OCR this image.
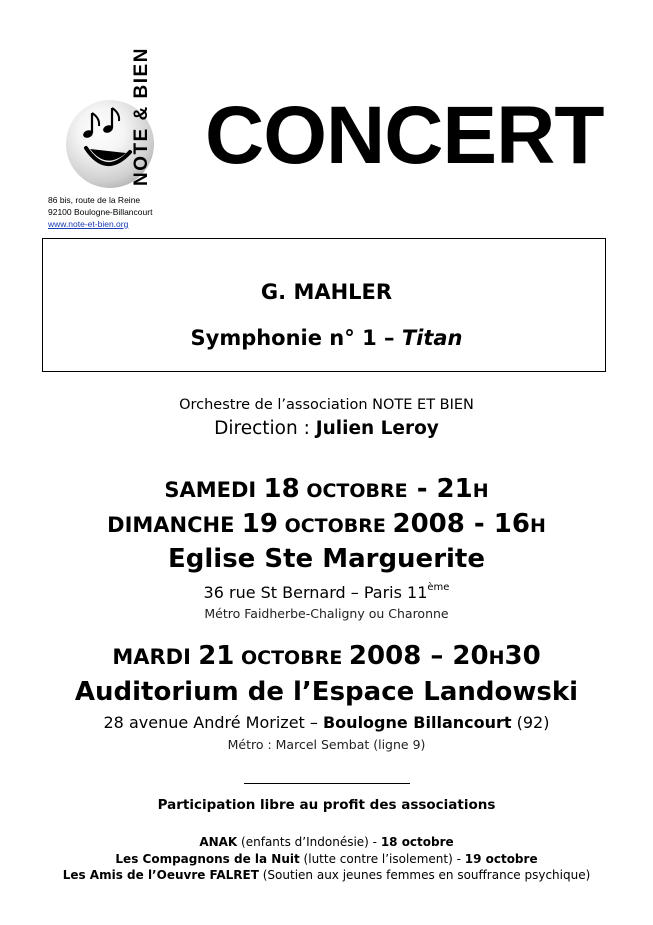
NOTE & BIEN
86 bis, route de la Reine
92100 Boulogne-Billancourt
www.note-et-bien.org
CONCERT
G. MAHLER
Symphonie n° 1 – Titan
Orchestre de l’association NOTE ET BIEN
Direction : Julien Leroy
SAMEDI 18 OCTOBRE - 21H
DIMANCHE 19 OCTOBRE 2008 - 16H
Eglise Ste Marguerite
36 rue St Bernard – Paris 11ème
Métro Faidherbe-Chaligny ou Charonne
MARDI 21 OCTOBRE 2008 – 20H30
Auditorium de l’Espace Landowski
28 avenue André Morizet – Boulogne Billancourt (92)
Métro : Marcel Sembat (ligne 9)
Participation libre au profit des associations
ANAK (enfants d’Indonésie) - 18 octobre
Les Compagnons de la Nuit (lutte contre l’isolement) - 19 octobre
Les Amis de l’Oeuvre FALRET (Soutien aux jeunes femmes en souffrance psychique)
